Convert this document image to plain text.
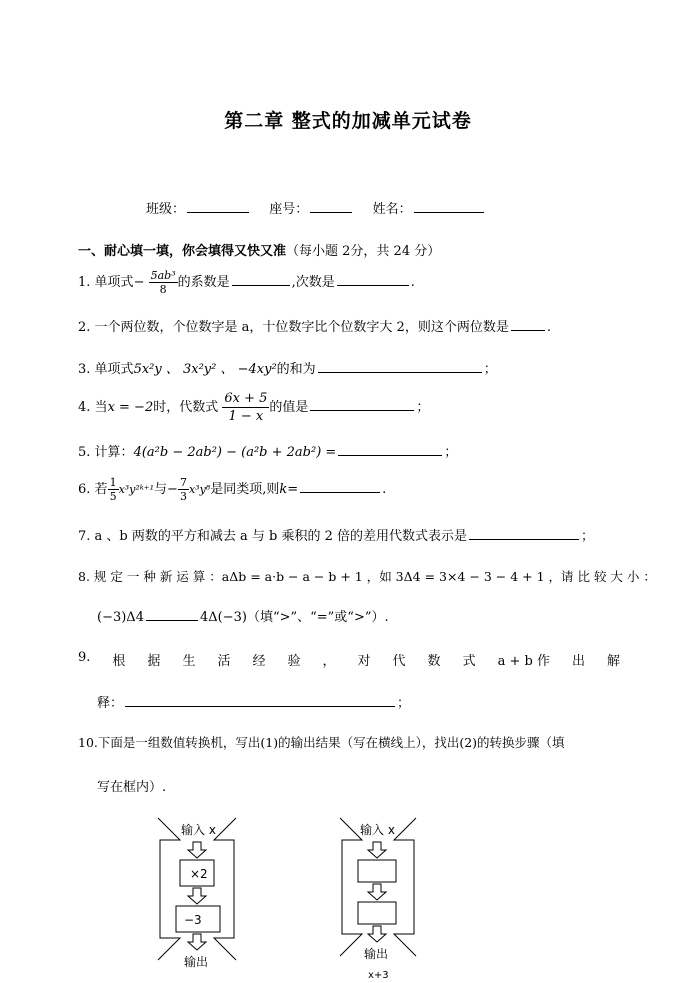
第二章 整式的加减单元试卷
班级：	座号：	姓名：
一、耐心填一填，你会填得又快又准（每小题 2分，共 24 分）
1. 单项式− $\frac{\text{5ab³}}{8}$ 的系数是	,次数是	.
2. 一个两位数，个位数字是 a，十位数字比个位数字大 2，则这个两位数是	.
3. 单项式5x²y 、 3x²y² 、 −4xy²的和为	；
4. 当x = −2时，代数式 $\frac{6x + 5}{1 - x}$ 的值是	；
5. 计算：4(a²b − 2ab²) − (a²b + 2ab²) =	；
6. 若 $\frac{1}{5}$ x³y²ᵏ⁺¹与− $\frac{7}{3} x^3y^8$是同类项,则k=	.
7. a 、b 两数的平方和减去 a 与 b 乘积的 2 倍的差用代数式表示是	；
8. 规 定 一 种 新 运 算 ：aΔb = a·b − a − b + 1 ，如 3Δ4 = 3×4 − 3 − 4 + 1 ，请 比 较 大 小 ：
(−3)Δ4	4Δ(−3)（填“>”、“=”或“>”）.
9. 根 据 生 活 经 验 ， 对 代 数 式 a + b 作 出 解
释：	；
10.下面是一组数值转换机，写出(1)的输出结果（写在横线上），找出(2)的转换步骤（填
写在框内）.
输入 x
×2
−3
输出
输入 x
输出
x+3
